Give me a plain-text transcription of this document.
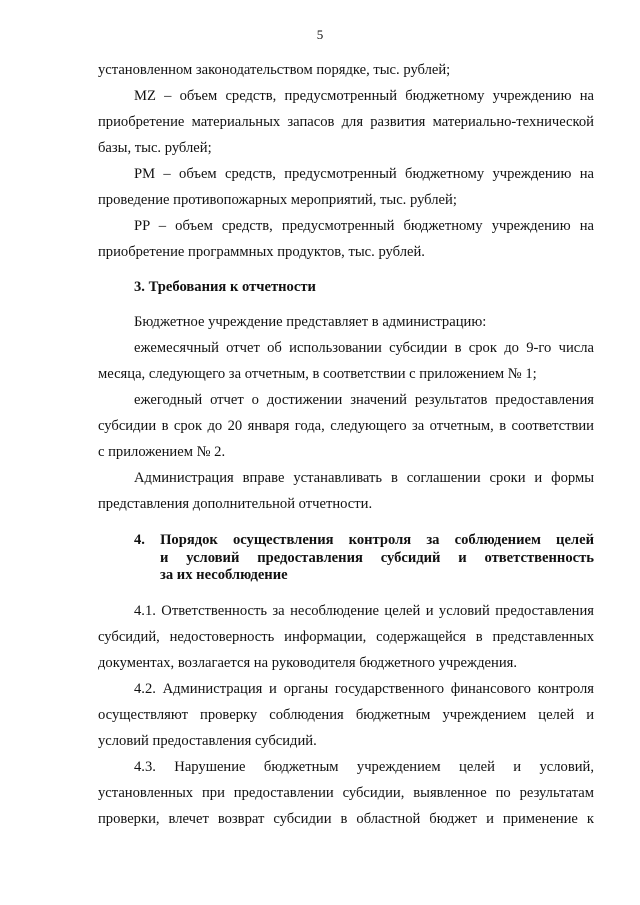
5
установленном законодательством порядке, тыс. рублей;
MZ – объем средств, предусмотренный бюджетному учреждению на
приобретение материальных запасов для развития материально-технической
базы, тыс. рублей;
PM – объем средств, предусмотренный бюджетному учреждению на
проведение противопожарных мероприятий, тыс. рублей;
PP – объем средств, предусмотренный бюджетному учреждению на
приобретение программных продуктов, тыс. рублей.
3. Требования к отчетности
Бюджетное учреждение представляет в администрацию:
ежемесячный отчет об использовании субсидии в срок до 9-го числа
месяца, следующего за отчетным, в соответствии с приложением № 1;
ежегодный отчет о достижении значений результатов предоставления
субсидии в срок до 20 января года, следующего за отчетным, в соответствии
с приложением № 2.
Администрация вправе устанавливать в соглашении сроки и формы
представления дополнительной отчетности.
4. Порядок осуществления контроля за соблюдением целей
и условий предоставления субсидий и ответственность
за их несоблюдение
4.1. Ответственность за несоблюдение целей и условий предоставления
субсидий, недостоверность информации, содержащейся в представленных
документах, возлагается на руководителя бюджетного учреждения.
4.2. Администрация и органы государственного финансового контроля
осуществляют проверку соблюдения бюджетным учреждением целей и
условий предоставления субсидий.
4.3. Нарушение бюджетным учреждением целей и условий,
установленных при предоставлении субсидии, выявленное по результатам
проверки, влечет возврат субсидии в областной бюджет и применение к
